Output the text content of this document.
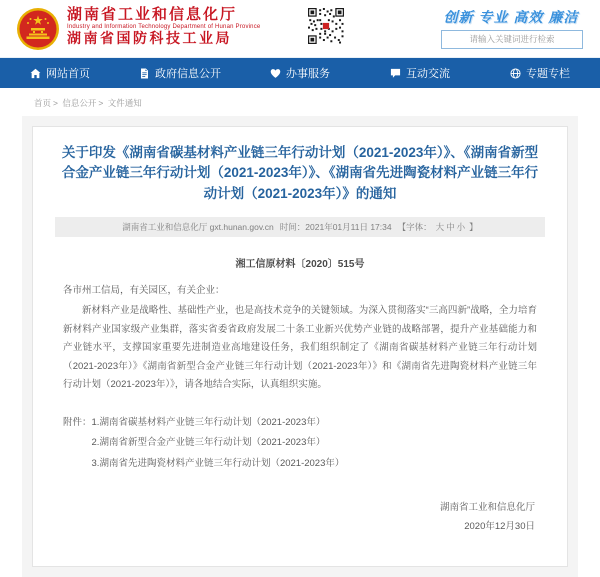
湖南省工业和信息化厅
Industry and Information Technology Department of Hunan Province
湖南省国防科技工业局
创新 专业 高效 廉洁
请输入关键词进行检索
网站首页	政府信息公开	办事服务	互动交流	专题专栏
首页 > 信息公开 > 文件通知
关于印发《湖南省碳基材料产业链三年行动计划（2021-2023年）》、《湖南省新型合金产业链三年行动计划（2021-2023年）》、《湖南省先进陶瓷材料产业链三年行动计划（2021-2023年）》的通知
湖南省工业和信息化厅 gxt.hunan.gov.cn 时间：2021年01月11日 17:34 【字体： 大 中 小 】
湘工信原材料〔2020〕515号
各市州工信局，有关园区，有关企业：
新材料产业是战略性、基础性产业，也是高技术竞争的关键领域。为深入贯彻落实“三高四新”战略，全力培育新材料产业国家级产业集群，落实省委省政府发展二十条工业新兴优势产业链的战略部署，提升产业基础能力和产业链水平，支撑国家重要先进制造业高地建设任务，我们组织制定了《湖南省碳基材料产业链三年行动计划（2021-2023年）》《湖南省新型合金产业链三年行动计划（2021-2023年）》和《湖南省先进陶瓷材料产业链三年行动计划（2021-2023年）》，请各地结合实际，认真组织实施。
附件： 1.湖南省碳基材料产业链三年行动计划（2021-2023年）
2.湖南省新型合金产业链三年行动计划（2021-2023年）
3.湖南省先进陶瓷材料产业链三年行动计划（2021-2023年）
湖南省工业和信息化厅
2020年12月30日
